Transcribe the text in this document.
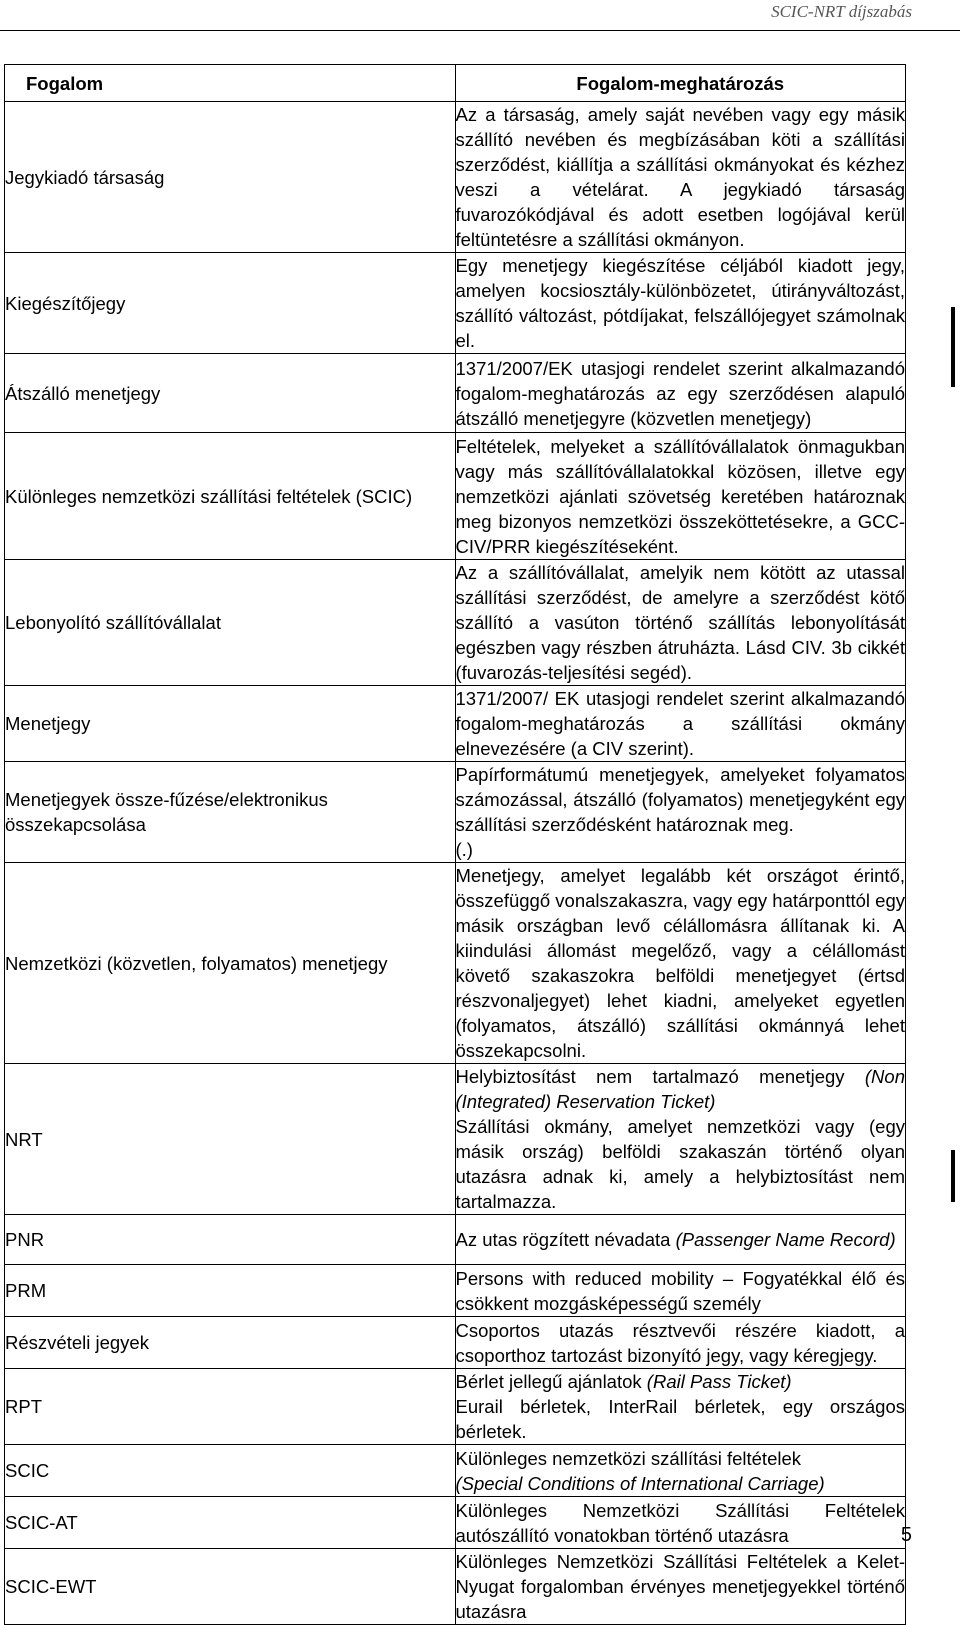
SCIC-NRT díjszabás
Fogalom	Fogalom-meghatározás
Jegykiadó társaság	Az a társaság, amely saját nevében vagy egy másik szállító nevében és megbízásában köti a szállítási szerződést, kiállítja a szállítási okmányokat és kézhez veszi a vételárat. A jegykiadó társaság fuvarozókódjával és adott esetben logójával kerül feltüntetésre a szállítási okmányon.
Kiegészítőjegy	Egy menetjegy kiegészítése céljából kiadott jegy, amelyen kocsiosztály-különbözetet, útirányváltozást, szállító változást, pótdíjakat, felszállójegyet számolnak el.
Átszálló menetjegy	1371/2007/EK utasjogi rendelet szerint alkalmazandó fogalom-meghatározás az egy szerződésen alapuló átszálló menetjegyre (közvetlen menetjegy)
Különleges nemzetközi szállítási feltételek (SCIC)	Feltételek, melyeket a szállítóvállalatok önmagukban vagy más szállítóvállalatokkal közösen, illetve egy nemzetközi ajánlati szövetség keretében határoznak meg bizonyos nemzetközi összeköttetésekre, a GCC-CIV/PRR kiegészítéseként.
Lebonyolító szállítóvállalat	Az a szállítóvállalat, amelyik nem kötött az utassal szállítási szerződést, de amelyre a szerződést kötő szállító a vasúton történő szállítás lebonyolítását egészben vagy részben átruházta. Lásd CIV. 3b cikkét (fuvarozás-teljesítési segéd).
Menetjegy	1371/2007/ EK utasjogi rendelet szerint alkalmazandó fogalom-meghatározás a szállítási okmány elnevezésére (a CIV szerint).
Menetjegyek össze-fűzése/elektronikus összekapcsolása	Papírformátumú menetjegyek, amelyeket folyamatos számozással, átszálló (folyamatos) menetjegyként egy szállítási szerződésként határoznak meg.
(.)

Nemzetközi (közvetlen, folyamatos) menetjegy	Menetjegy, amelyet legalább két országot érintő, összefüggő vonalszakaszra, vagy egy határponttól egy másik országban levő célállomásra állítanak ki. A kiindulási állomást megelőző, vagy a célállomást követő szakaszokra belföldi menetjegyet (értsd részvonaljegyet) lehet kiadni, amelyeket egyetlen (folyamatos, átszálló) szállítási okmánnyá lehet összekapcsolni.
NRT	Helybiztosítást nem tartalmazó menetjegy (Non (Integrated) Reservation Ticket)
Szállítási okmány, amelyet nemzetközi vagy (egy másik ország) belföldi szakaszán történő olyan utazásra adnak ki, amely a helybiztosítást nem tartalmazza.

PNR	Az utas rögzített névadata (Passenger Name Record)
PRM	Persons with reduced mobility – Fogyatékkal élő és csökkent mozgásképességű személy
Részvételi jegyek	Csoportos utazás résztvevői részére kiadott, a csoporthoz tartozást bizonyító jegy, vagy kéregjegy.
RPT	Bérlet jellegű ajánlatok (Rail Pass Ticket)
Eurail bérletek, InterRail bérletek, egy országos bérletek.

SCIC	Különleges nemzetközi szállítási feltételek
(Special Conditions of International Carriage)

SCIC-AT	Különleges Nemzetközi Szállítási Feltételek autószállító vonatokban történő utazásra
SCIC-EWT	Különleges Nemzetközi Szállítási Feltételek a Kelet-Nyugat forgalomban érvényes menetjegyekkel történő utazásra
5
